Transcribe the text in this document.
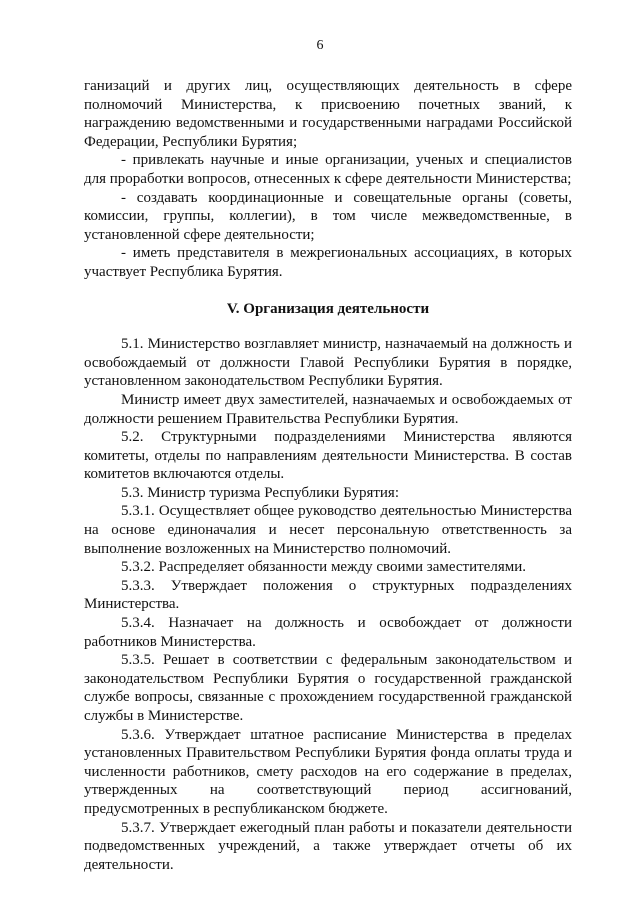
6

ганизаций и других лиц, осуществляющих деятельность в сфере полномочий Министерства, к присвоению почетных званий, к награждению ведомственными и государственными наградами Российской Федерации, Республики Бурятия;

- привлекать научные и иные организации, ученых и специалистов для проработки вопросов, отнесенных к сфере деятельности Министерства;

- создавать координационные и совещательные органы (советы, комиссии, группы, коллегии), в том числе межведомственные, в установленной сфере деятельности;

- иметь представителя в межрегиональных ассоциациях, в которых участвует Республика Бурятия.

V. Организация деятельности

5.1. Министерство возглавляет министр, назначаемый на должность и освобождаемый от должности Главой Республики Бурятия в порядке, установленном законодательством Республики Бурятия.

Министр имеет двух заместителей, назначаемых и освобождаемых от должности решением Правительства Республики Бурятия.

5.2. Структурными подразделениями Министерства являются комитеты, отделы по направлениям деятельности Министерства. В состав комитетов включаются отделы.

5.3. Министр туризма Республики Бурятия:

5.3.1. Осуществляет общее руководство деятельностью Министерства на основе единоначалия и несет персональную ответственность за выполнение возложенных на Министерство полномочий.

5.3.2. Распределяет обязанности между своими заместителями.

5.3.3. Утверждает положения о структурных подразделениях Министерства.

5.3.4. Назначает на должность и освобождает от должности работников Министерства.

5.3.5. Решает в соответствии с федеральным законодательством и законодательством Республики Бурятия о государственной гражданской службе вопросы, связанные с прохождением государственной гражданской службы в Министерстве.

5.3.6. Утверждает штатное расписание Министерства в пределах установленных Правительством Республики Бурятия фонда оплаты труда и численности работников, смету расходов на его содержание в пределах, утвержденных на соответствующий период ассигнований, предусмотренных в республиканском бюджете.

5.3.7. Утверждает ежегодный план работы и показатели деятельности подведомственных учреждений, а также утверждает отчеты об их деятельности.
